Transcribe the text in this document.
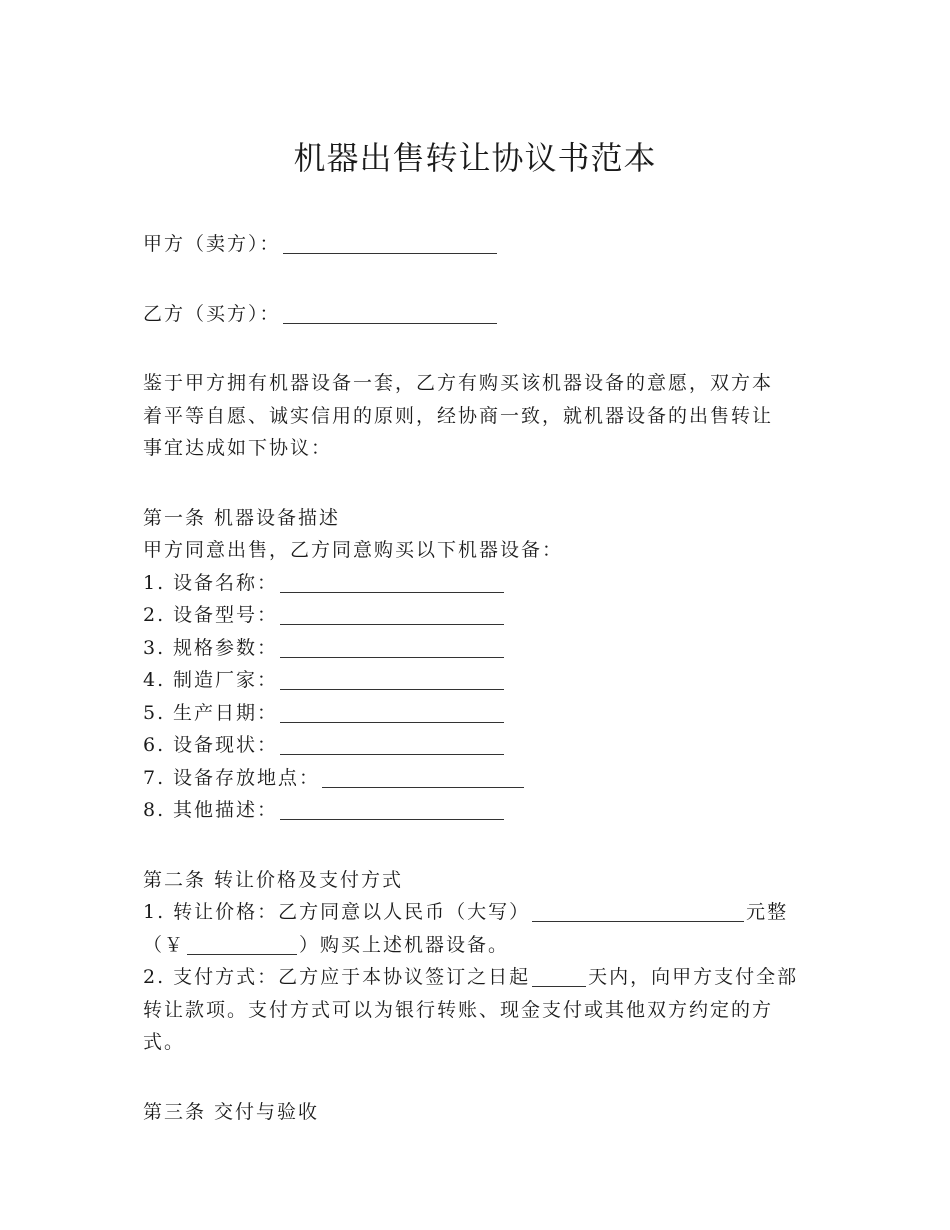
机器出售转让协议书范本
甲方（卖方）：
乙方（买方）：
鉴于甲方拥有机器设备一套，乙方有购买该机器设备的意愿，双方本
着平等自愿、诚实信用的原则，经协商一致，就机器设备的出售转让
事宜达成如下协议：
第一条 机器设备描述
甲方同意出售，乙方同意购买以下机器设备：
1. 设备名称：
2. 设备型号：
3. 规格参数：
4. 制造厂家：
5. 生产日期：
6. 设备现状：
7. 设备存放地点：
8. 其他描述：
第二条 转让价格及支付方式
1. 转让价格：乙方同意以人民币（大写）	元整
（￥	）购买上述机器设备。
2. 支付方式：乙方应于本协议签订之日起	天内，向甲方支付全部
转让款项。支付方式可以为银行转账、现金支付或其他双方约定的方
式。
第三条 交付与验收
